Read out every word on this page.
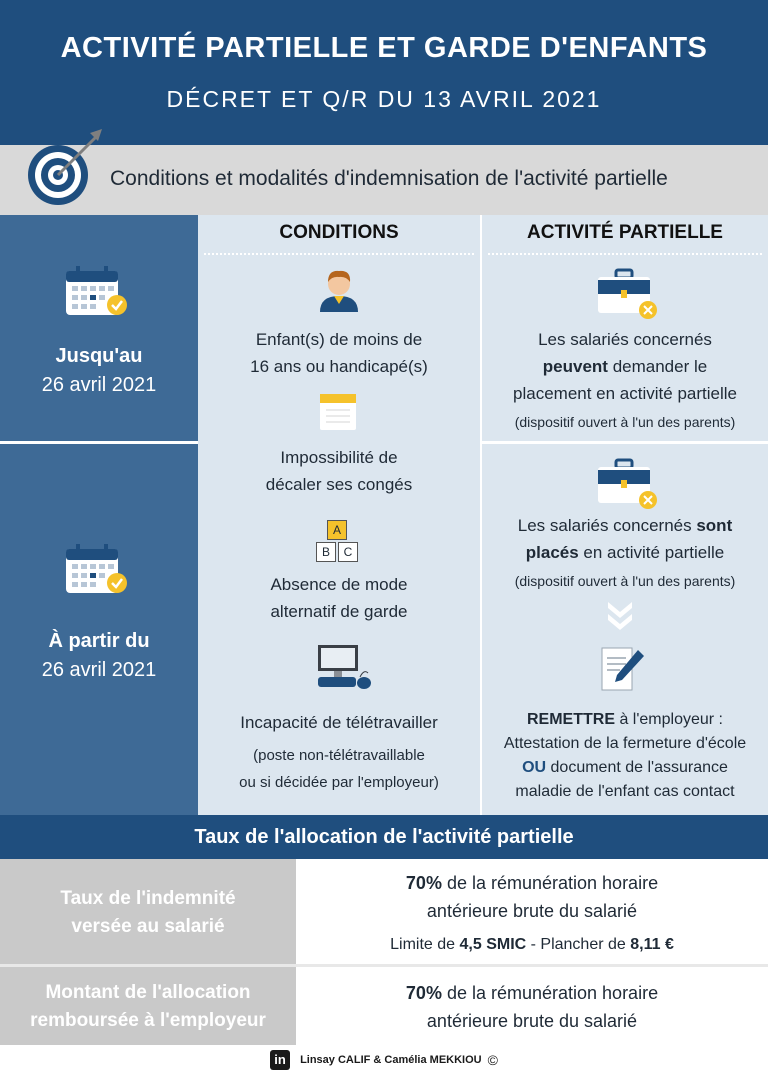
ACTIVITÉ PARTIELLE ET GARDE D'ENFANTS
DÉCRET ET Q/R DU 13 AVRIL 2021
Conditions et modalités d'indemnisation de l'activité partielle
Jusqu'au
26 avril 2021
À partir du
26 avril 2021
CONDITIONS	ACTIVITÉ PARTIELLE
Enfant(s) de moins de
16 ans ou handicapé(s)
Impossibilité de
décaler ses congés
A
B	C
Absence de mode
alternatif de garde
Incapacité de télétravailler
(poste non-télétravaillable
ou si décidée par l'employeur)
Les salariés concernés
peuvent demander le
placement en activité partielle
(dispositif ouvert à l'un des parents)
Les salariés concernés sont
placés en activité partielle
(dispositif ouvert à l'un des parents)
REMETTRE à l'employeur :
Attestation de la fermeture d'école
OU document de l'assurance
maladie de l'enfant cas contact
Taux de l'allocation de l'activité partielle
Taux de l'indemnité
versée au salarié
70% de la rémunération horaire
antérieure brute du salarié
Limite de 4,5 SMIC - Plancher de 8,11 €
Montant de l'allocation
remboursée à l'employeur
70% de la rémunération horaire
antérieure brute du salarié
in Linsay CALIF & Camélia MEKKIOU ©
